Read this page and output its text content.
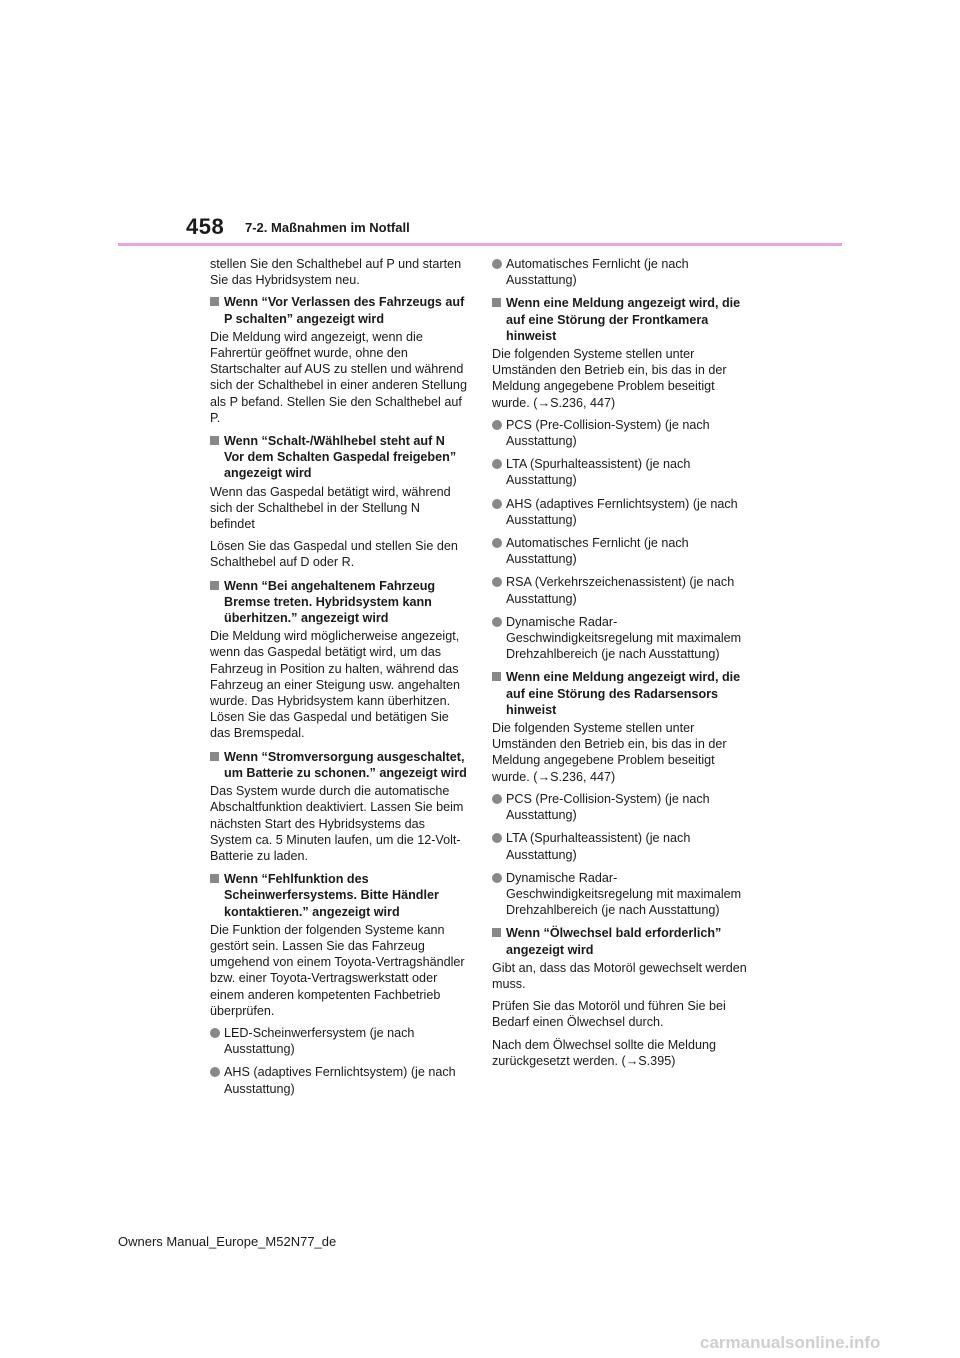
458 7-2. Maßnahmen im Notfall

stellen Sie den Schalthebel auf P und starten Sie das Hybridsystem neu.

Wenn “Vor Verlassen des Fahrzeugs auf P schalten” angezeigt wird

Die Meldung wird angezeigt, wenn die Fahrertür geöffnet wurde, ohne den Startschalter auf AUS zu stellen und während sich der Schalthebel in einer anderen Stellung als P befand. Stellen Sie den Schalthebel auf P.

Wenn “Schalt-/Wählhebel steht auf N Vor dem Schalten Gaspedal freigeben” angezeigt wird

Wenn das Gaspedal betätigt wird, während sich der Schalthebel in der Stellung N befindet

Lösen Sie das Gaspedal und stellen Sie den Schalthebel auf D oder R.

Wenn “Bei angehaltenem Fahrzeug Bremse treten. Hybridsystem kann überhitzen.” angezeigt wird

Die Meldung wird möglicherweise angezeigt, wenn das Gaspedal betätigt wird, um das Fahrzeug in Position zu halten, während das Fahrzeug an einer Steigung usw. angehalten wurde. Das Hybridsystem kann überhitzen. Lösen Sie das Gaspedal und betätigen Sie das Bremspedal.

Wenn “Stromversorgung ausgeschaltet, um Batterie zu schonen.” angezeigt wird

Das System wurde durch die automatische Abschaltfunktion deaktiviert. Lassen Sie beim nächsten Start des Hybridsystems das System ca. 5 Minuten laufen, um die 12-Volt-Batterie zu laden.

Wenn “Fehlfunktion des Scheinwerfersystems. Bitte Händler kontaktieren.” angezeigt wird

Die Funktion der folgenden Systeme kann gestört sein. Lassen Sie das Fahrzeug umgehend von einem Toyota-Vertragshändler bzw. einer Toyota-Vertragswerkstatt oder einem anderen kompetenten Fachbetrieb überprüfen.

LED-Scheinwerfersystem (je nach Ausstattung)
AHS (adaptives Fernlichtsystem) (je nach Ausstattung)
Automatisches Fernlicht (je nach Ausstattung)
Wenn eine Meldung angezeigt wird, die auf eine Störung der Frontkamera hinweist

Die folgenden Systeme stellen unter Umständen den Betrieb ein, bis das in der Meldung angegebene Problem beseitigt wurde. (→S.236, 447)

PCS (Pre-Collision-System) (je nach Ausstattung)
LTA (Spurhalteassistent) (je nach Ausstattung)
AHS (adaptives Fernlichtsystem) (je nach Ausstattung)
Automatisches Fernlicht (je nach Ausstattung)
RSA (Verkehrszeichenassistent) (je nach Ausstattung)
Dynamische Radar-Geschwindigkeitsregelung mit maximalem Drehzahlbereich (je nach Ausstattung)
Wenn eine Meldung angezeigt wird, die auf eine Störung des Radarsensors hinweist

Die folgenden Systeme stellen unter Umständen den Betrieb ein, bis das in der Meldung angegebene Problem beseitigt wurde. (→S.236, 447)

PCS (Pre-Collision-System) (je nach Ausstattung)
LTA (Spurhalteassistent) (je nach Ausstattung)
Dynamische Radar-Geschwindigkeitsregelung mit maximalem Drehzahlbereich (je nach Ausstattung)
Wenn “Ölwechsel bald erforderlich” angezeigt wird

Gibt an, dass das Motoröl gewechselt werden muss.

Prüfen Sie das Motoröl und führen Sie bei Bedarf einen Ölwechsel durch.

Nach dem Ölwechsel sollte die Meldung zurückgesetzt werden. (→S.395)

Owners Manual_Europe_M52N77_de
carmanualsonline.info
